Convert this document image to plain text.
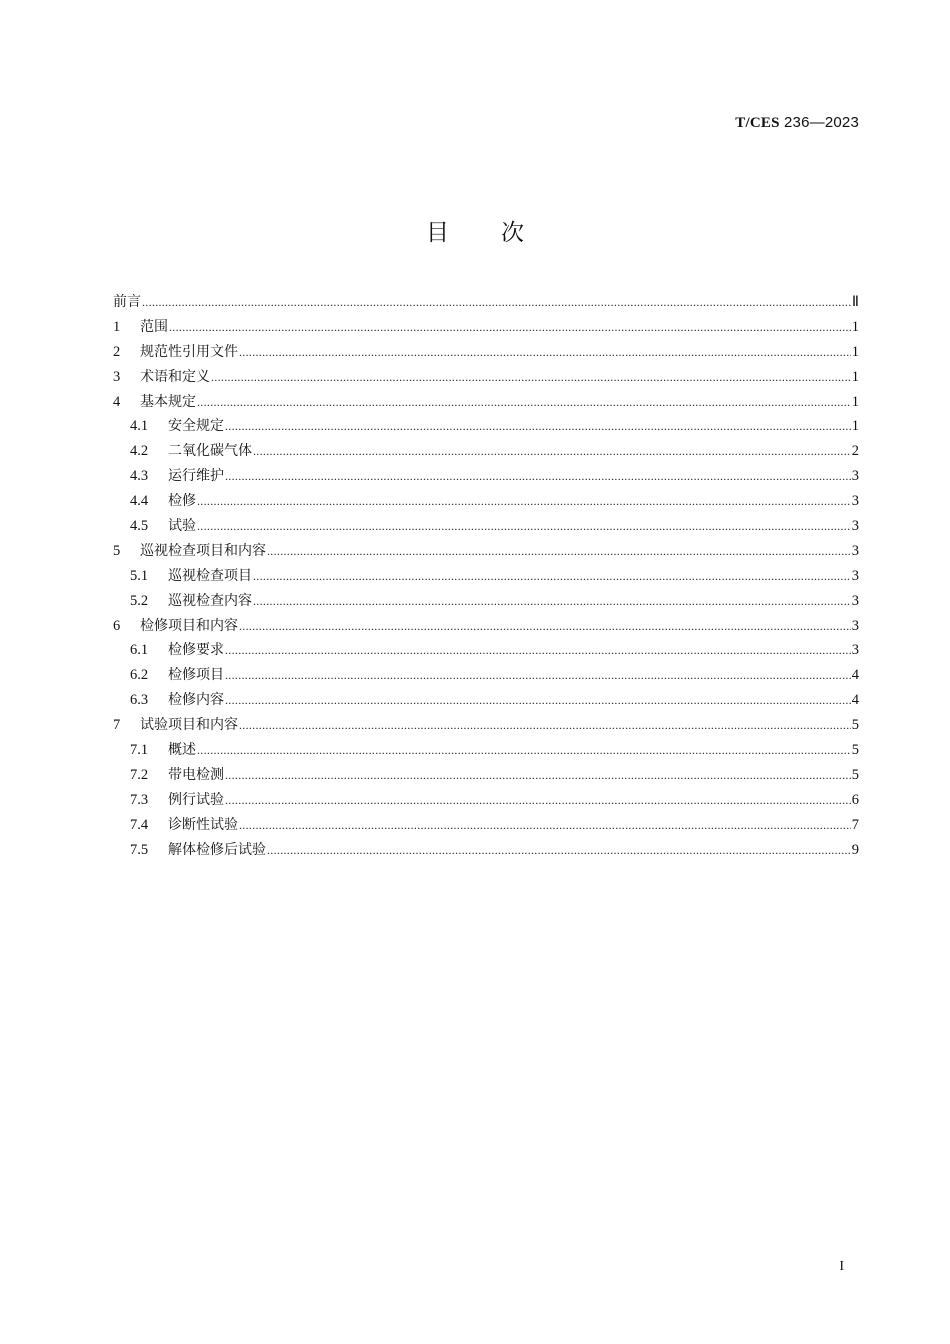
T/CES 236—2023
目次
前言 .....	Ⅱ
1	范围 .....	1
2	规范性引用文件 .....	1
3	术语和定义 .....	1
4	基本规定 .....	1
4.1	安全规定 .....	1
4.2	二氧化碳气体 .....	2
4.3	运行维护 .....	3
4.4	检修 .....	3
4.5	试验 .....	3
5	巡视检查项目和内容 .....	3
5.1	巡视检查项目 .....	3
5.2	巡视检查内容 .....	3
6	检修项目和内容 .....	3
6.1	检修要求 .....	3
6.2	检修项目 .....	4
6.3	检修内容 .....	4
7	试验项目和内容 .....	5
7.1	概述 .....	5
7.2	带电检测 .....	5
7.3	例行试验 .....	6
7.4	诊断性试验 .....	7
7.5	解体检修后试验 .....	9
I
